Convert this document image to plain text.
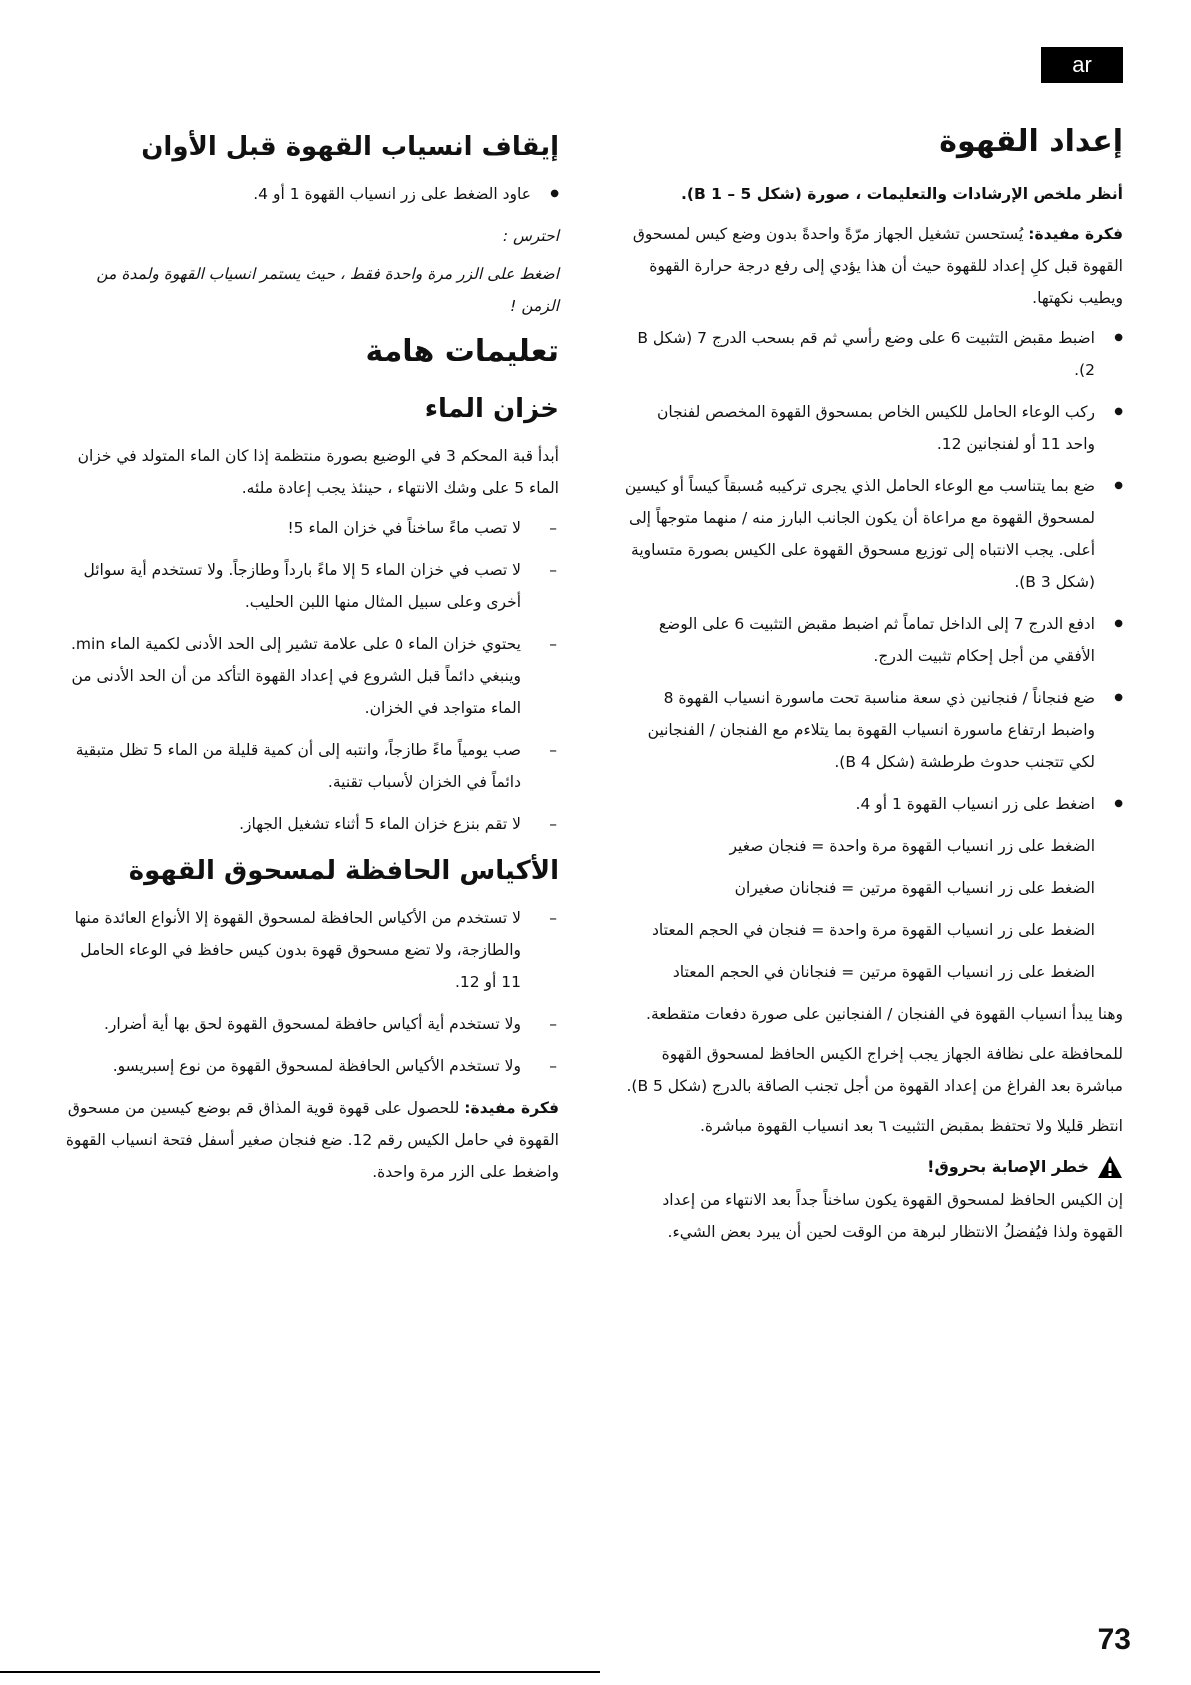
ar
إعداد القهوة

أنظر ملخص الإرشادات والتعليمات ، صورة (شكل B 1 – 5).

فكرة مفيدة: يُستحسن تشغيل الجهاز مرّةً واحدةً بدون وضع كيس لمسحوق القهوة قبل كلِ إعداد للقهوة حيث أن هذا يؤدي إلى رفع درجة حرارة القهوة ويطيب نكهتها.

● اضبط مقبض التثبيت 6 على وضع رأسي ثم قم بسحب الدرج 7 (شكل B 2).
● ركب الوعاء الحامل للكيس الخاص بمسحوق القهوة المخصص لفنجان واحد 11 أو لفنجانين 12.
● ضع بما يتناسب مع الوعاء الحامل الذي يجرى تركيبه مُسبقاً كيساً أو كيسين لمسحوق القهوة مع مراعاة أن يكون الجانب البارز منه / منهما متوجهاً إلى أعلى. يجب الانتباه إلى توزيع مسحوق القهوة على الكيس بصورة متساوية (شكل B 3).
● ادفع الدرج 7 إلى الداخل تماماً ثم اضبط مقبض التثبيت 6 على الوضع الأفقي من أجل إحكام تثبيت الدرج.
● ضع فنجاناً / فنجانين ذي سعة مناسبة تحت ماسورة انسياب القهوة 8 واضبط ارتفاع ماسورة انسياب القهوة بما يتلاءم مع الفنجان / الفنجانين لكي تتجنب حدوث طرطشة (شكل B 4).
● اضغط على زر انسياب القهوة 1 أو 4.
الضغط على زر انسياب القهوة مرة واحدة = فنجان صغير
الضغط على زر انسياب القهوة مرتين = فنجانان صغيران
الضغط على زر انسياب القهوة مرة واحدة = فنجان في الحجم المعتاد
الضغط على زر انسياب القهوة مرتين = فنجانان في الحجم المعتاد

وهنا يبدأ انسياب القهوة في الفنجان / الفنجانين على صورة دفعات متقطعة.

للمحافظة على نظافة الجهاز يجب إخراج الكيس الحافظ لمسحوق القهوة مباشرة بعد الفراغ من إعداد القهوة من أجل تجنب الصاقة بالدرج (شكل B 5).

انتظر قليلا ولا تحتفظ بمقبض التثبيت ٦ بعد انسياب القهوة مباشرة.

خطر الإصابة بحروق!

إن الكيس الحافظ لمسحوق القهوة يكون ساخناً جداً بعد الانتهاء من إعداد القهوة ولذا فيُفضلُ الانتظار لبرهة من الوقت لحين أن يبرد بعض الشيء.

إيقاف انسياب القهوة قبل الأوان
● عاود الضغط على زر انسياب القهوة 1 أو 4.

احترس :

اضغط على الزر مرة واحدة فقط ، حيث يستمر انسياب القهوة ولمدة من الزمن !

تعليمات هامة
خزان الماء

أبدأ قبة المحكم 3 في الوضيع بصورة منتظمة إذا كان الماء المتولد في خزان الماء 5 على وشك الانتهاء ، حينئذ يجب إعادة ملئه.

– لا تصب ماءً ساخناً في خزان الماء 5!
– لا تصب في خزان الماء 5 إلا ماءً بارداً وطازجاً. ولا تستخدم أية سوائل أخرى وعلى سبيل المثال منها اللبن الحليب.
– يحتوي خزان الماء ٥ على علامة تشير إلى الحد الأدنى لكمية الماء min. وينبغي دائماً قبل الشروع في إعداد القهوة التأكد من أن الحد الأدنى من الماء متواجد في الخزان.
– صب يومياً ماءً طازجاً، وانتبه إلى أن كمية قليلة من الماء 5 تظل متبقية دائماً في الخزان لأسباب تقنية.
– لا تقم بنزع خزان الماء 5 أثناء تشغيل الجهاز.
الأكياس الحافظة لمسحوق القهوة
– لا تستخدم من الأكياس الحافظة لمسحوق القهوة إلا الأنواع العائدة منها والطازجة، ولا تضع مسحوق قهوة بدون كيس حافظ في الوعاء الحامل 11 أو 12.
– ولا تستخدم أية أكياس حافظة لمسحوق القهوة لحق بها أية أضرار.
– ولا تستخدم الأكياس الحافظة لمسحوق القهوة من نوع إسبريسو.

فكرة مفيدة: للحصول على قهوة قوية المذاق قم بوضع كيسين من مسحوق القهوة في حامل الكيس رقم 12. ضع فنجان صغير أسفل فتحة انسياب القهوة واضغط على الزر مرة واحدة.

73
